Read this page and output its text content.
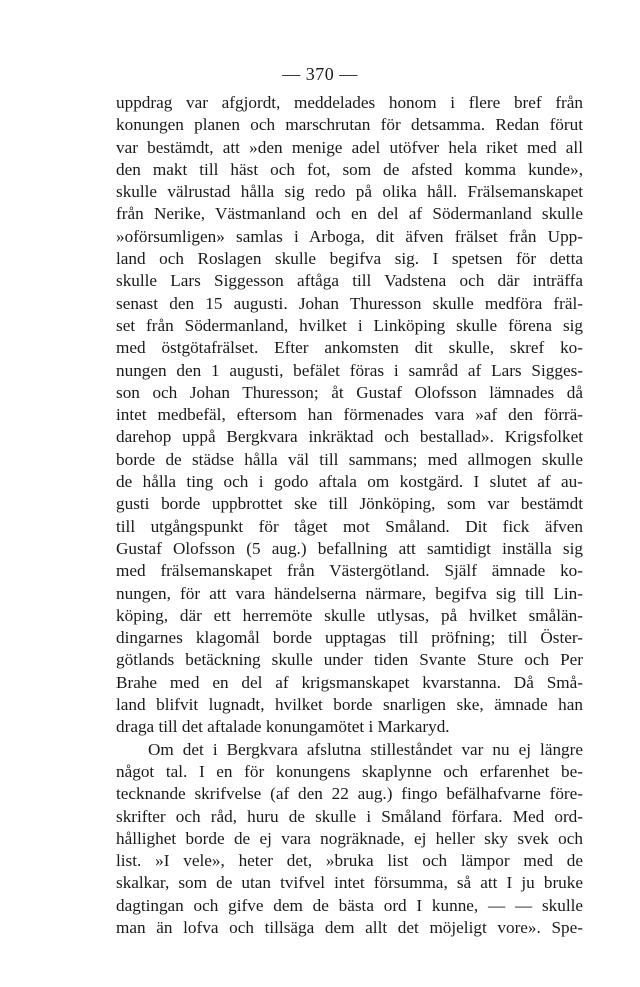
— 370 —
uppdrag var afgjordt, meddelades honom i flere bref från
konungen planen och marschrutan för detsamma. Redan förut
var bestämdt, att »den menige adel utöfver hela riket med all
den makt till häst och fot, som de afsted komma kunde»,
skulle välrustad hålla sig redo på olika håll. Frälsemanskapet
från Nerike, Västmanland och en del af Södermanland skulle
»oförsumligen» samlas i Arboga, dit äfven frälset från Upp-
land och Roslagen skulle begifva sig. I spetsen för detta
skulle Lars Siggesson aftåga till Vadstena och där inträffa
senast den 15 augusti. Johan Thuresson skulle medföra fräl-
set från Södermanland, hvilket i Linköping skulle förena sig
med östgötafrälset. Efter ankomsten dit skulle, skref ko-
nungen den 1 augusti, befälet föras i samråd af Lars Sigges-
son och Johan Thuresson; åt Gustaf Olofsson lämnades då
intet medbefäl, eftersom han förmenades vara »af den förrä-
darehop uppå Bergkvara inkräktad och bestallad». Krigsfolket
borde de städse hålla väl till sammans; med allmogen skulle
de hålla ting och i godo aftala om kostgärd. I slutet af au-
gusti borde uppbrottet ske till Jönköping, som var bestämdt
till utgångspunkt för tåget mot Småland. Dit fick äfven
Gustaf Olofsson (5 aug.) befallning att samtidigt inställa sig
med frälsemanskapet från Västergötland. Själf ämnade ko-
nungen, för att vara händelserna närmare, begifva sig till Lin-
köping, där ett herremöte skulle utlysas, på hvilket smålän-
dingarnes klagomål borde upptagas till pröfning; till Öster-
götlands betäckning skulle under tiden Svante Sture och Per
Brahe med en del af krigsmanskapet kvarstanna. Då Små-
land blifvit lugnadt, hvilket borde snarligen ske, ämnade han
draga till det aftalade konungamötet i Markaryd.
Om det i Bergkvara afslutna stilleståndet var nu ej längre
något tal. I en för konungens skaplynne och erfarenhet be-
tecknande skrifvelse (af den 22 aug.) fingo befälhafvarne före-
skrifter och råd, huru de skulle i Småland förfara. Med ord-
hållighet borde de ej vara nogräknade, ej heller sky svek och
list. »I vele», heter det, »bruka list och lämpor med de
skalkar, som de utan tvifvel intet försumma, så att I ju bruke
dagtingan och gifve dem de bästa ord I kunne, — — skulle
man än lofva och tillsäga dem allt det möjeligt vore». Spe-
